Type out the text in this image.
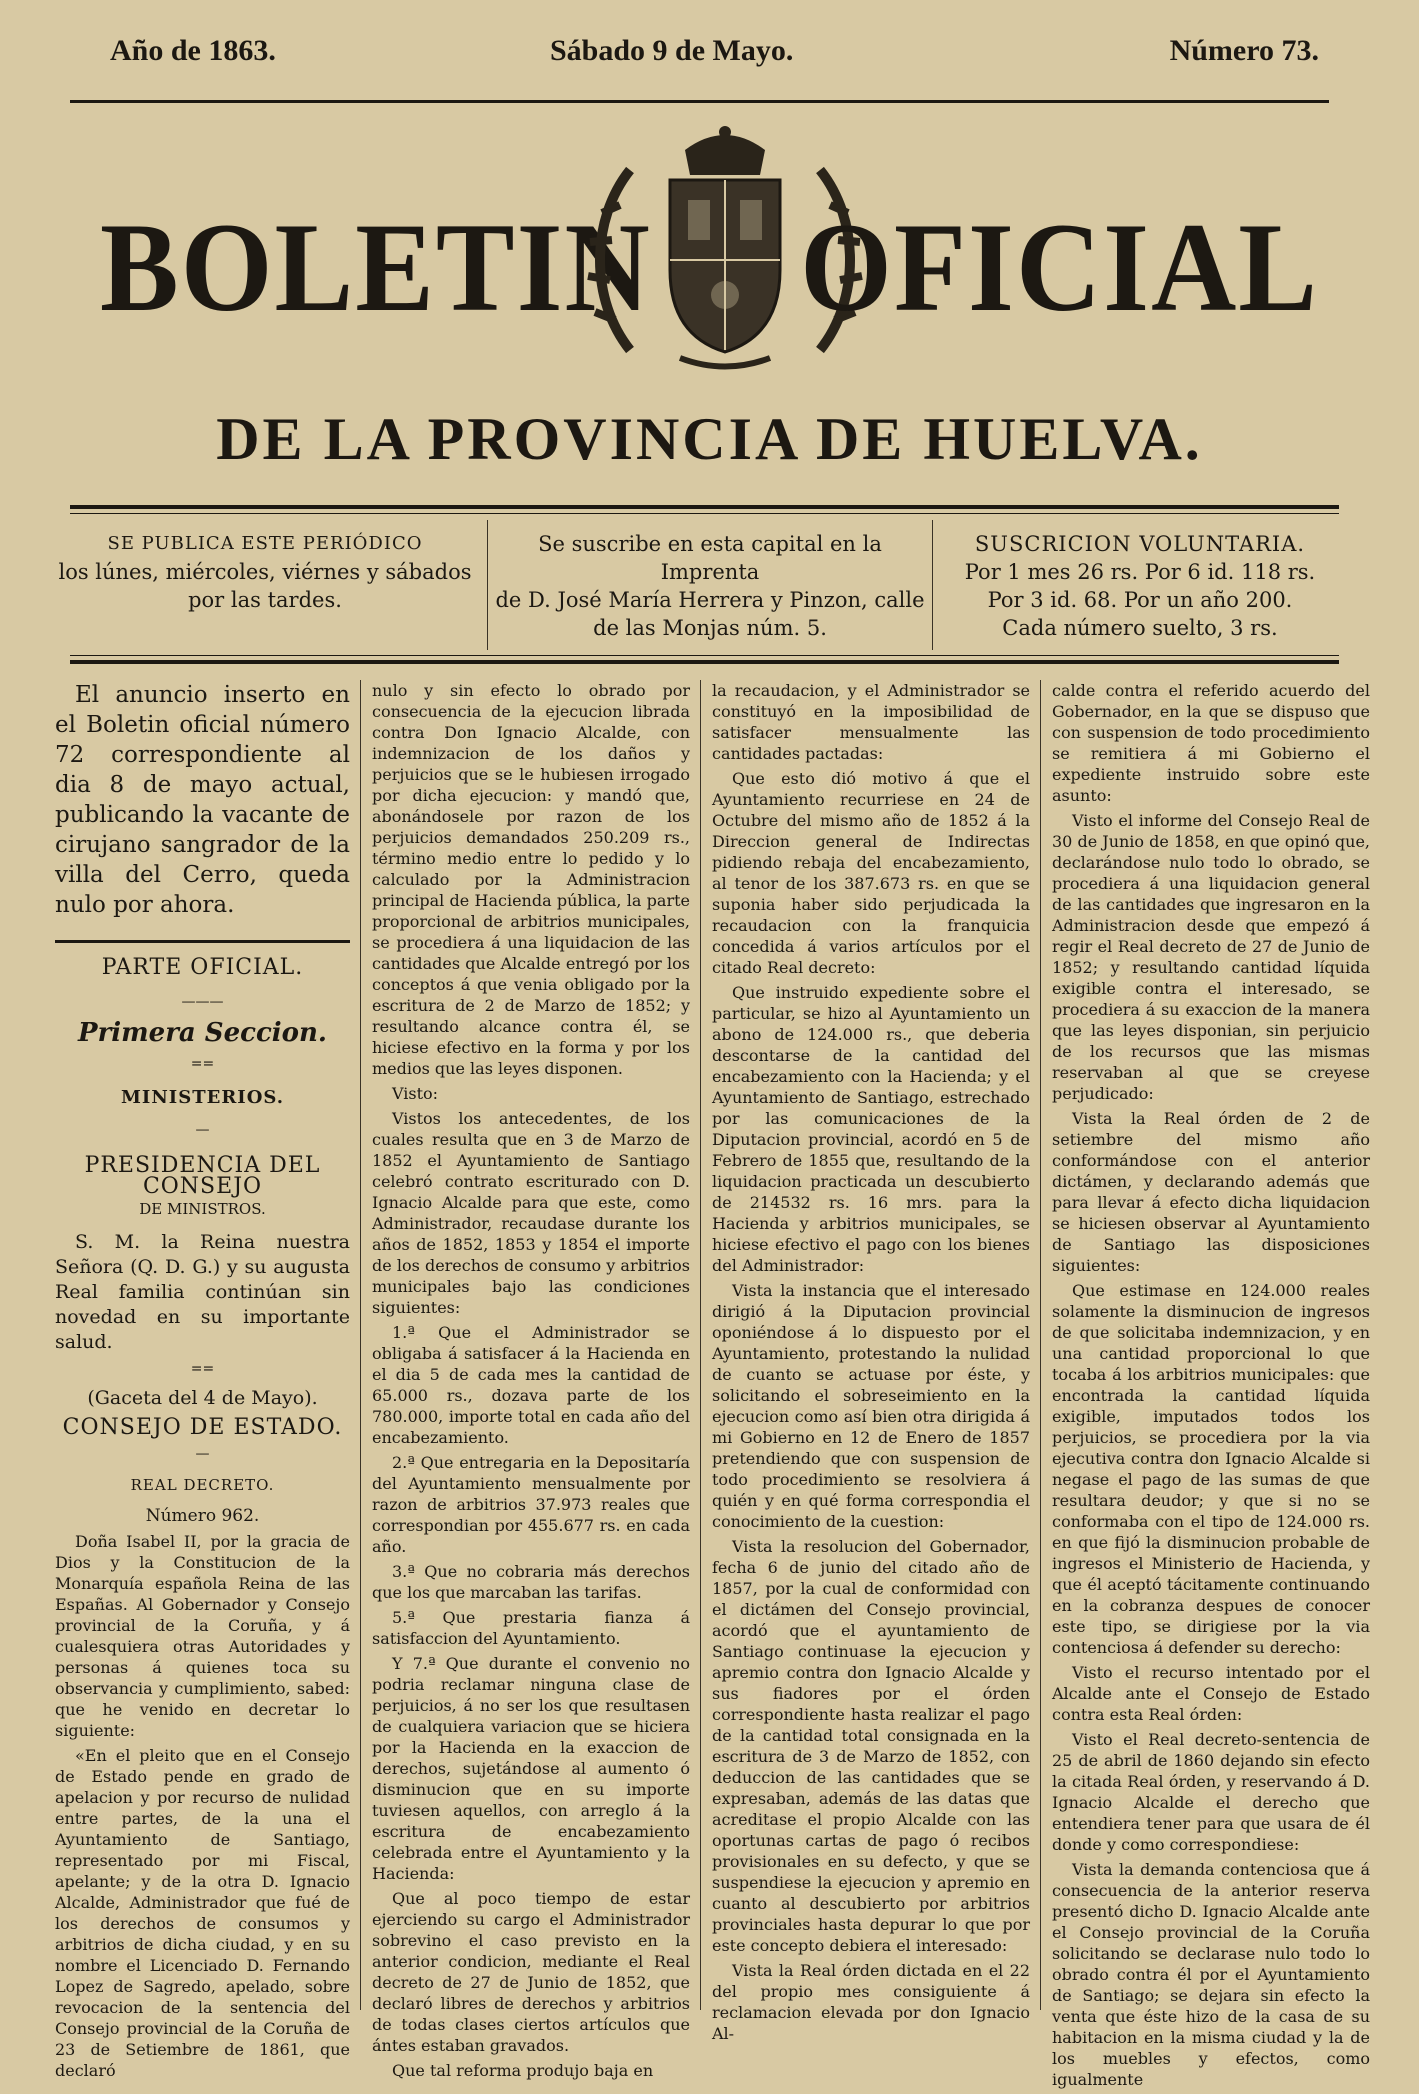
Año de 1863.	Sábado 9 de Mayo.	Número 73.
BOLETIN OFICIAL
DE LA PROVINCIA DE HUELVA.
SE PUBLICA ESTE PERIÓDICO
los lúnes, miércoles, viérnes y sábados
por las tardes.
Se suscribe en esta capital en la Imprenta
de D. José María Herrera y Pinzon, calle
de las Monjas núm. 5.
SUSCRICION VOLUNTARIA.
Por 1 mes 26 rs. Por 6 id. 118 rs.
Por 3 id. 68. Por un año 200.
Cada número suelto, 3 rs.
El anuncio inserto en el Boletin oficial número 72 correspondiente al dia 8 de mayo actual, publicando la vacante de cirujano sangrador de la villa del Cerro, queda nulo por ahora.
PARTE OFICIAL.
———
Primera Seccion.
==
MINISTERIOS.
—
PRESIDENCIA DEL CONSEJO
DE MINISTROS.

S. M. la Reina nuestra Señora (Q. D. G.) y su augusta Real familia continúan sin novedad en su importante salud.

==
(Gaceta del 4 de Mayo).
CONSEJO DE ESTADO.
—
REAL DECRETO.
Número 962.

Doña Isabel II, por la gracia de Dios y la Constitucion de la Monarquía española Reina de las Españas. Al Gobernador y Consejo provincial de la Coruña, y á cualesquiera otras Autoridades y personas á quienes toca su observancia y cumplimiento, sabed: que he venido en decretar lo siguiente:

«En el pleito que en el Consejo de Estado pende en grado de apelacion y por recurso de nulidad entre partes, de la una el Ayuntamiento de Santiago, representado por mi Fiscal, apelante; y de la otra D. Ignacio Alcalde, Administrador que fué de los derechos de consumos y arbitrios de dicha ciudad, y en su nombre el Licenciado D. Fernando Lopez de Sagredo, apelado, sobre revocacion de la sentencia del Consejo provincial de la Coruña de 23 de Setiembre de 1861, que declaró

nulo y sin efecto lo obrado por consecuencia de la ejecucion librada contra Don Ignacio Alcalde, con indemnizacion de los daños y perjuicios que se le hubiesen irrogado por dicha ejecucion: y mandó que, abonándosele por razon de los perjuicios demandados 250.209 rs., término medio entre lo pedido y lo calculado por la Administracion principal de Hacienda pública, la parte proporcional de arbitrios municipales, se procediera á una liquidacion de las cantidades que Alcalde entregó por los conceptos á que venia obligado por la escritura de 2 de Marzo de 1852; y resultando alcance contra él, se hiciese efectivo en la forma y por los medios que las leyes disponen.

Visto:

Vistos los antecedentes, de los cuales resulta que en 3 de Marzo de 1852 el Ayuntamiento de Santiago celebró contrato escriturado con D. Ignacio Alcalde para que este, como Administrador, recaudase durante los años de 1852, 1853 y 1854 el importe de los derechos de consumo y arbitrios municipales bajo las condiciones siguientes:

1.ª Que el Administrador se obligaba á satisfacer á la Hacienda en el dia 5 de cada mes la cantidad de 65.000 rs., dozava parte de los 780.000, importe total en cada año del encabezamiento.

2.ª Que entregaria en la Depositaría del Ayuntamiento mensualmente por razon de arbitrios 37.973 reales que correspondian por 455.677 rs. en cada año.

3.ª Que no cobraria más derechos que los que marcaban las tarifas.

5.ª Que prestaria fianza á satisfaccion del Ayuntamiento.

Y 7.ª Que durante el convenio no podria reclamar ninguna clase de perjuicios, á no ser los que resultasen de cualquiera variacion que se hiciera por la Hacienda en la exaccion de derechos, sujetándose al aumento ó disminucion que en su importe tuviesen aquellos, con arreglo á la escritura de encabezamiento celebrada entre el Ayuntamiento y la Hacienda:

Que al poco tiempo de estar ejerciendo su cargo el Administrador sobrevino el caso previsto en la anterior condicion, mediante el Real decreto de 27 de Junio de 1852, que declaró libres de derechos y arbitrios de todas clases ciertos artículos que ántes estaban gravados.

Que tal reforma produjo baja en

la recaudacion, y el Administrador se constituyó en la imposibilidad de satisfacer mensualmente las cantidades pactadas:

Que esto dió motivo á que el Ayuntamiento recurriese en 24 de Octubre del mismo año de 1852 á la Direccion general de Indirectas pidiendo rebaja del encabezamiento, al tenor de los 387.673 rs. en que se suponia haber sido perjudicada la recaudacion con la franquicia concedida á varios artículos por el citado Real decreto:

Que instruido expediente sobre el particular, se hizo al Ayuntamiento un abono de 124.000 rs., que deberia descontarse de la cantidad del encabezamiento con la Hacienda; y el Ayuntamiento de Santiago, estrechado por las comunicaciones de la Diputacion provincial, acordó en 5 de Febrero de 1855 que, resultando de la liquidacion practicada un descubierto de 214532 rs. 16 mrs. para la Hacienda y arbitrios municipales, se hiciese efectivo el pago con los bienes del Administrador:

Vista la instancia que el interesado dirigió á la Diputacion provincial oponiéndose á lo dispuesto por el Ayuntamiento, protestando la nulidad de cuanto se actuase por éste, y solicitando el sobreseimiento en la ejecucion como así bien otra dirigida á mi Gobierno en 12 de Enero de 1857 pretendiendo que con suspension de todo procedimiento se resolviera á quién y en qué forma correspondia el conocimiento de la cuestion:

Vista la resolucion del Gobernador, fecha 6 de junio del citado año de 1857, por la cual de conformidad con el dictámen del Consejo provincial, acordó que el ayuntamiento de Santiago continuase la ejecucion y apremio contra don Ignacio Alcalde y sus fiadores por el órden correspondiente hasta realizar el pago de la cantidad total consignada en la escritura de 3 de Marzo de 1852, con deduccion de las cantidades que se expresaban, además de las datas que acreditase el propio Alcalde con las oportunas cartas de pago ó recibos provisionales en su defecto, y que se suspendiese la ejecucion y apremio en cuanto al descubierto por arbitrios provinciales hasta depurar lo que por este concepto debiera el interesado:

Vista la Real órden dictada en el 22 del propio mes consiguiente á reclamacion elevada por don Ignacio Al-

calde contra el referido acuerdo del Gobernador, en la que se dispuso que con suspension de todo procedimiento se remitiera á mi Gobierno el expediente instruido sobre este asunto:

Visto el informe del Consejo Real de 30 de Junio de 1858, en que opinó que, declarándose nulo todo lo obrado, se procediera á una liquidacion general de las cantidades que ingresaron en la Administracion desde que empezó á regir el Real decreto de 27 de Junio de 1852; y resultando cantidad líquida exigible contra el interesado, se procediera á su exaccion de la manera que las leyes disponian, sin perjuicio de los recursos que las mismas reservaban al que se creyese perjudicado:

Vista la Real órden de 2 de setiembre del mismo año conformándose con el anterior dictámen, y declarando además que para llevar á efecto dicha liquidacion se hiciesen observar al Ayuntamiento de Santiago las disposiciones siguientes:

Que estimase en 124.000 reales solamente la disminucion de ingresos de que solicitaba indemnizacion, y en una cantidad proporcional lo que tocaba á los arbitrios municipales: que encontrada la cantidad líquida exigible, imputados todos los perjuicios, se procediera por la via ejecutiva contra don Ignacio Alcalde si negase el pago de las sumas de que resultara deudor; y que si no se conformaba con el tipo de 124.000 rs. en que fijó la disminucion probable de ingresos el Ministerio de Hacienda, y que él aceptó tácitamente continuando en la cobranza despues de conocer este tipo, se dirigiese por la via contenciosa á defender su derecho:

Visto el recurso intentado por el Alcalde ante el Consejo de Estado contra esta Real órden:

Visto el Real decreto-sentencia de 25 de abril de 1860 dejando sin efecto la citada Real órden, y reservando á D. Ignacio Alcalde el derecho que entendiera tener para que usara de él donde y como correspondiese:

Vista la demanda contenciosa que á consecuencia de la anterior reserva presentó dicho D. Ignacio Alcalde ante el Consejo provincial de la Coruña solicitando se declarase nulo todo lo obrado contra él por el Ayuntamiento de Santiago; se dejara sin efecto la venta que éste hizo de la casa de su habitacion en la misma ciudad y la de los muebles y efectos, como igualmente
